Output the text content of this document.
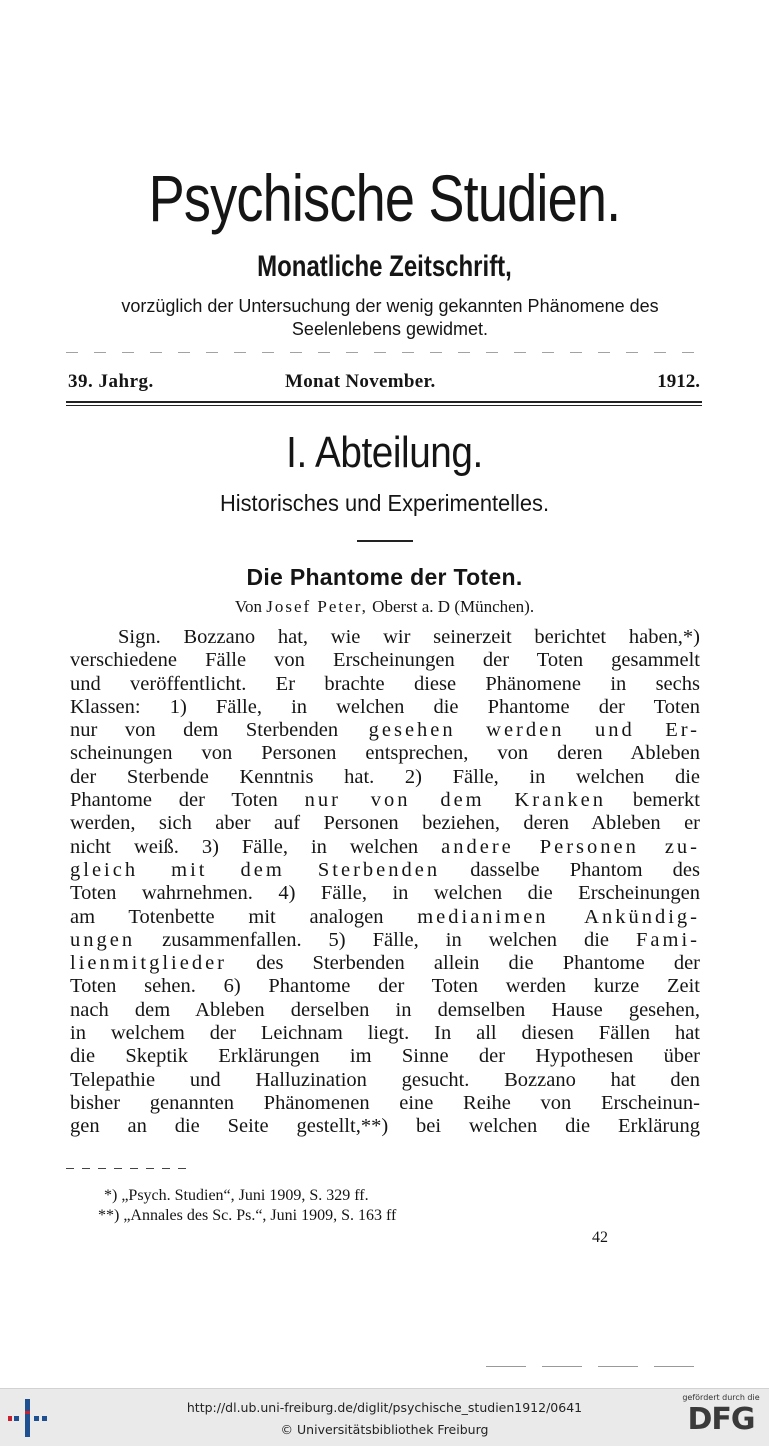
Psychische Studien.
Monatliche Zeitschrift,
vorzüglich der Untersuchung der wenig gekannten Phänomene des
Seelenlebens gewidmet.
39. Jahrg.	Monat November.	1912.
I. Abteilung.
Historisches und Experimentelles.
Die Phantome der Toten.
Von Josef Peter, Oberst a. D (München).
Sign. Bozzano hat, wie wir seinerzeit berichtet haben,*)
verschiedene Fälle von Erscheinungen der Toten gesammelt
und veröffentlicht. Er brachte diese Phänomene in sechs
Klassen: 1) Fälle, in welchen die Phantome der Toten
nur von dem Sterbenden gesehen werden und Er-
scheinungen von Personen entsprechen, von deren Ableben
der Sterbende Kenntnis hat. 2) Fälle, in welchen die
Phantome der Toten nur von dem Kranken bemerkt
werden, sich aber auf Personen beziehen, deren Ableben er
nicht weiß. 3) Fälle, in welchen andere Personen zu-
gleich mit dem Sterbenden dasselbe Phantom des
Toten wahrnehmen. 4) Fälle, in welchen die Erscheinungen
am Totenbette mit analogen medianimen Ankündig-
ungen zusammenfallen. 5) Fälle, in welchen die Fami-
lienmitglieder des Sterbenden allein die Phantome der
Toten sehen. 6) Phantome der Toten werden kurze Zeit
nach dem Ableben derselben in demselben Hause gesehen,
in welchem der Leichnam liegt. In all diesen Fällen hat
die Skeptik Erklärungen im Sinne der Hypothesen über
Telepathie und Halluzination gesucht. Bozzano hat den
bisher genannten Phänomenen eine Reihe von Erscheinun-
gen an die Seite gestellt,**) bei welchen die Erklärung
*) „Psych. Studien“, Juni 1909, S. 329 ff.
**) „Annales des Sc. Ps.“, Juni 1909, S. 163 ff
42
http://dl.ub.uni-freiburg.de/diglit/psychische_studien1912/0641
© Universitätsbibliothek Freiburg
gefördert durch die
DFG
